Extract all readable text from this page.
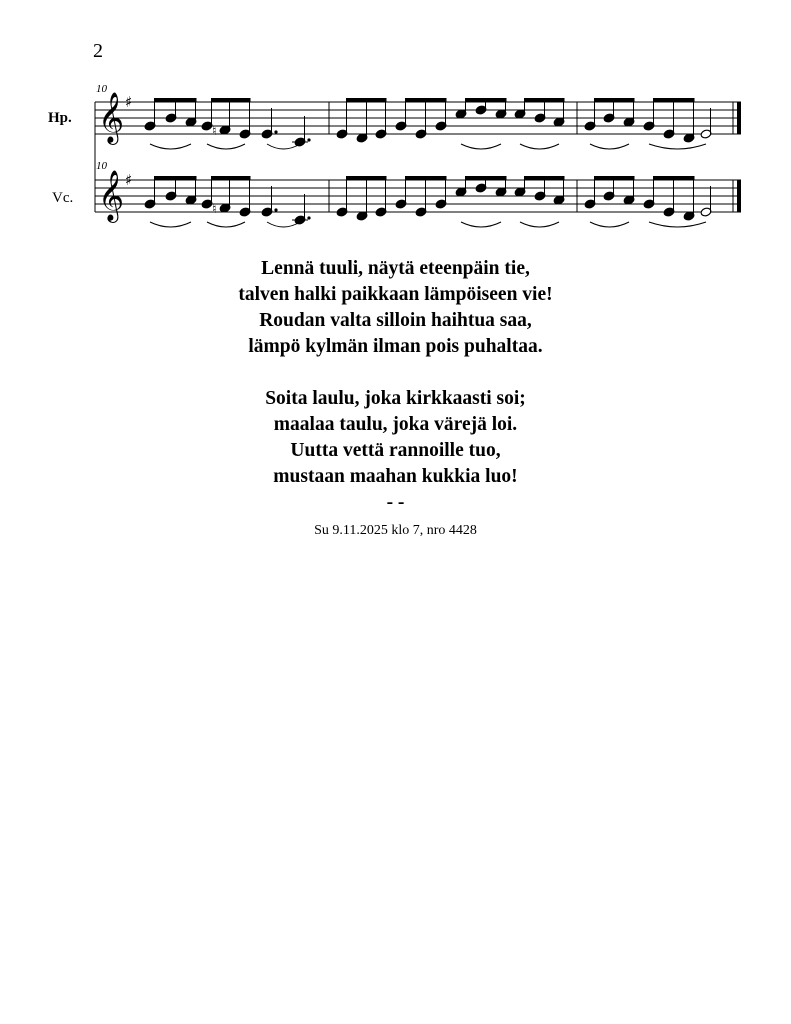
2
10
10
Hp.
Vc.
𝄞 ♯
♮
𝄞 ♯
♮

Lennä tuuli, näytä eteenpäin tie,
talven halki paikkaan lämpöiseen vie!
Roudan valta silloin haihtua saa,
lämpö kylmän ilman pois puhaltaa.

Soita laulu, joka kirkkaasti soi;
maalaa taulu, joka värejä loi.
Uutta vettä rannoille tuo,
mustaan maahan kukkia luo!
- -

Su 9.11.2025 klo 7, nro 4428
